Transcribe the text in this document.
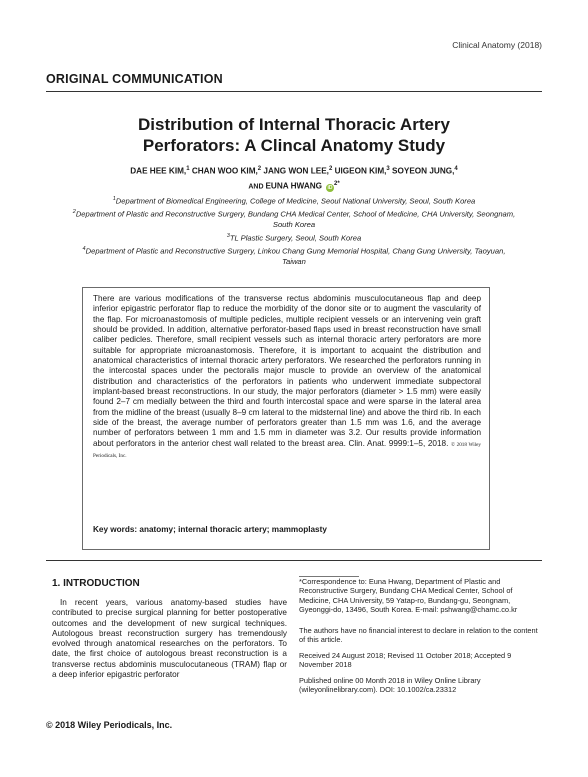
Clinical Anatomy (2018)
ORIGINAL COMMUNICATION
Distribution of Internal Thoracic Artery
Perforators: A Clincal Anatomy Study
DAE HEE KIM,$^1$ CHAN WOO KIM,$^2$ JANG WON LEE,$^2$ UIGEON KIM,$^3$ SOYEON JUNG,$^4$
AND EUNA HWANG $iD^{2*}$
$^1$Department of Biomedical Engineering, College of Medicine, Seoul National University, Seoul, South Korea
$^2$Department of Plastic and Reconstructive Surgery, Bundang CHA Medical Center, School of Medicine, CHA University, Seongnam, South Korea
$^3$TL Plastic Surgery, Seoul, South Korea
$^4$Department of Plastic and Reconstructive Surgery, Linkou Chang Gung Memorial Hospital, Chang Gung University, Taoyuan, Taiwan
There are various modifications of the transverse rectus abdominis musculocutaneous flap and deep inferior epigastric perforator flap to reduce the morbidity of the donor site or to augment the vascularity of the flap. For microanastomosis of multiple pedicles, multiple recipient vessels or an intervening vein graft should be provided. In addition, alternative perforator-based flaps used in breast reconstruction have small caliber pedicles. Therefore, small recipient vessels such as internal thoracic artery perforators are more suitable for appropriate microanastomosis. Therefore, it is important to acquaint the distribution and anatomical characteristics of internal thoracic artery perforators. We researched the perforators running in the intercostal spaces under the pectoralis major muscle to provide an overview of the anatomical distribution and characteristics of the perforators in patients who underwent immediate subpectoral implant-based breast reconstructions. In our study, the major perforators (diameter > 1.5 mm) were easily found 2–7 cm medially between the third and fourth intercostal space and were sparse in the lateral area from the midline of the breast (usually 8–9 cm lateral to the midsternal line) and above the third rib. In each side of the breast, the average number of perforators greater than 1.5 mm was 1.6, and the average number of perforators between 1 mm and 1.5 mm in diameter was 3.2. Our results provide information about perforators in the anterior chest wall related to the breast area. Clin. Anat. 9999:1–5, 2018. © 2018 Wiley Periodicals, Inc.
Key words: anatomy; internal thoracic artery; mammoplasty
1. INTRODUCTION
In recent years, various anatomy-based studies have contributed to precise surgical planning for better postoperative outcomes and the development of new surgical techniques. Autologous breast reconstruction surgery has tremendously evolved through anatomical researches on the perforators. To date, the first choice of autologous breast reconstruction is a transverse rectus abdominis musculocutaneous (TRAM) flap or a deep inferior epigastric perforator
*Correspondence to: Euna Hwang, Department of Plastic and Reconstructive Surgery, Bundang CHA Medical Center, School of Medicine, CHA University, 59 Yatap-ro, Bundang-gu, Seongnam, Gyeonggi-do, 13496, South Korea. E-mail: pshwang@chamc.co.kr
The authors have no financial interest to declare in relation to the content of this article.
Received 24 August 2018; Revised 11 October 2018; Accepted 9 November 2018
Published online 00 Month 2018 in Wiley Online Library (wileyonlinelibrary.com). DOI: 10.1002/ca.23312
© 2018 Wiley Periodicals, Inc.
